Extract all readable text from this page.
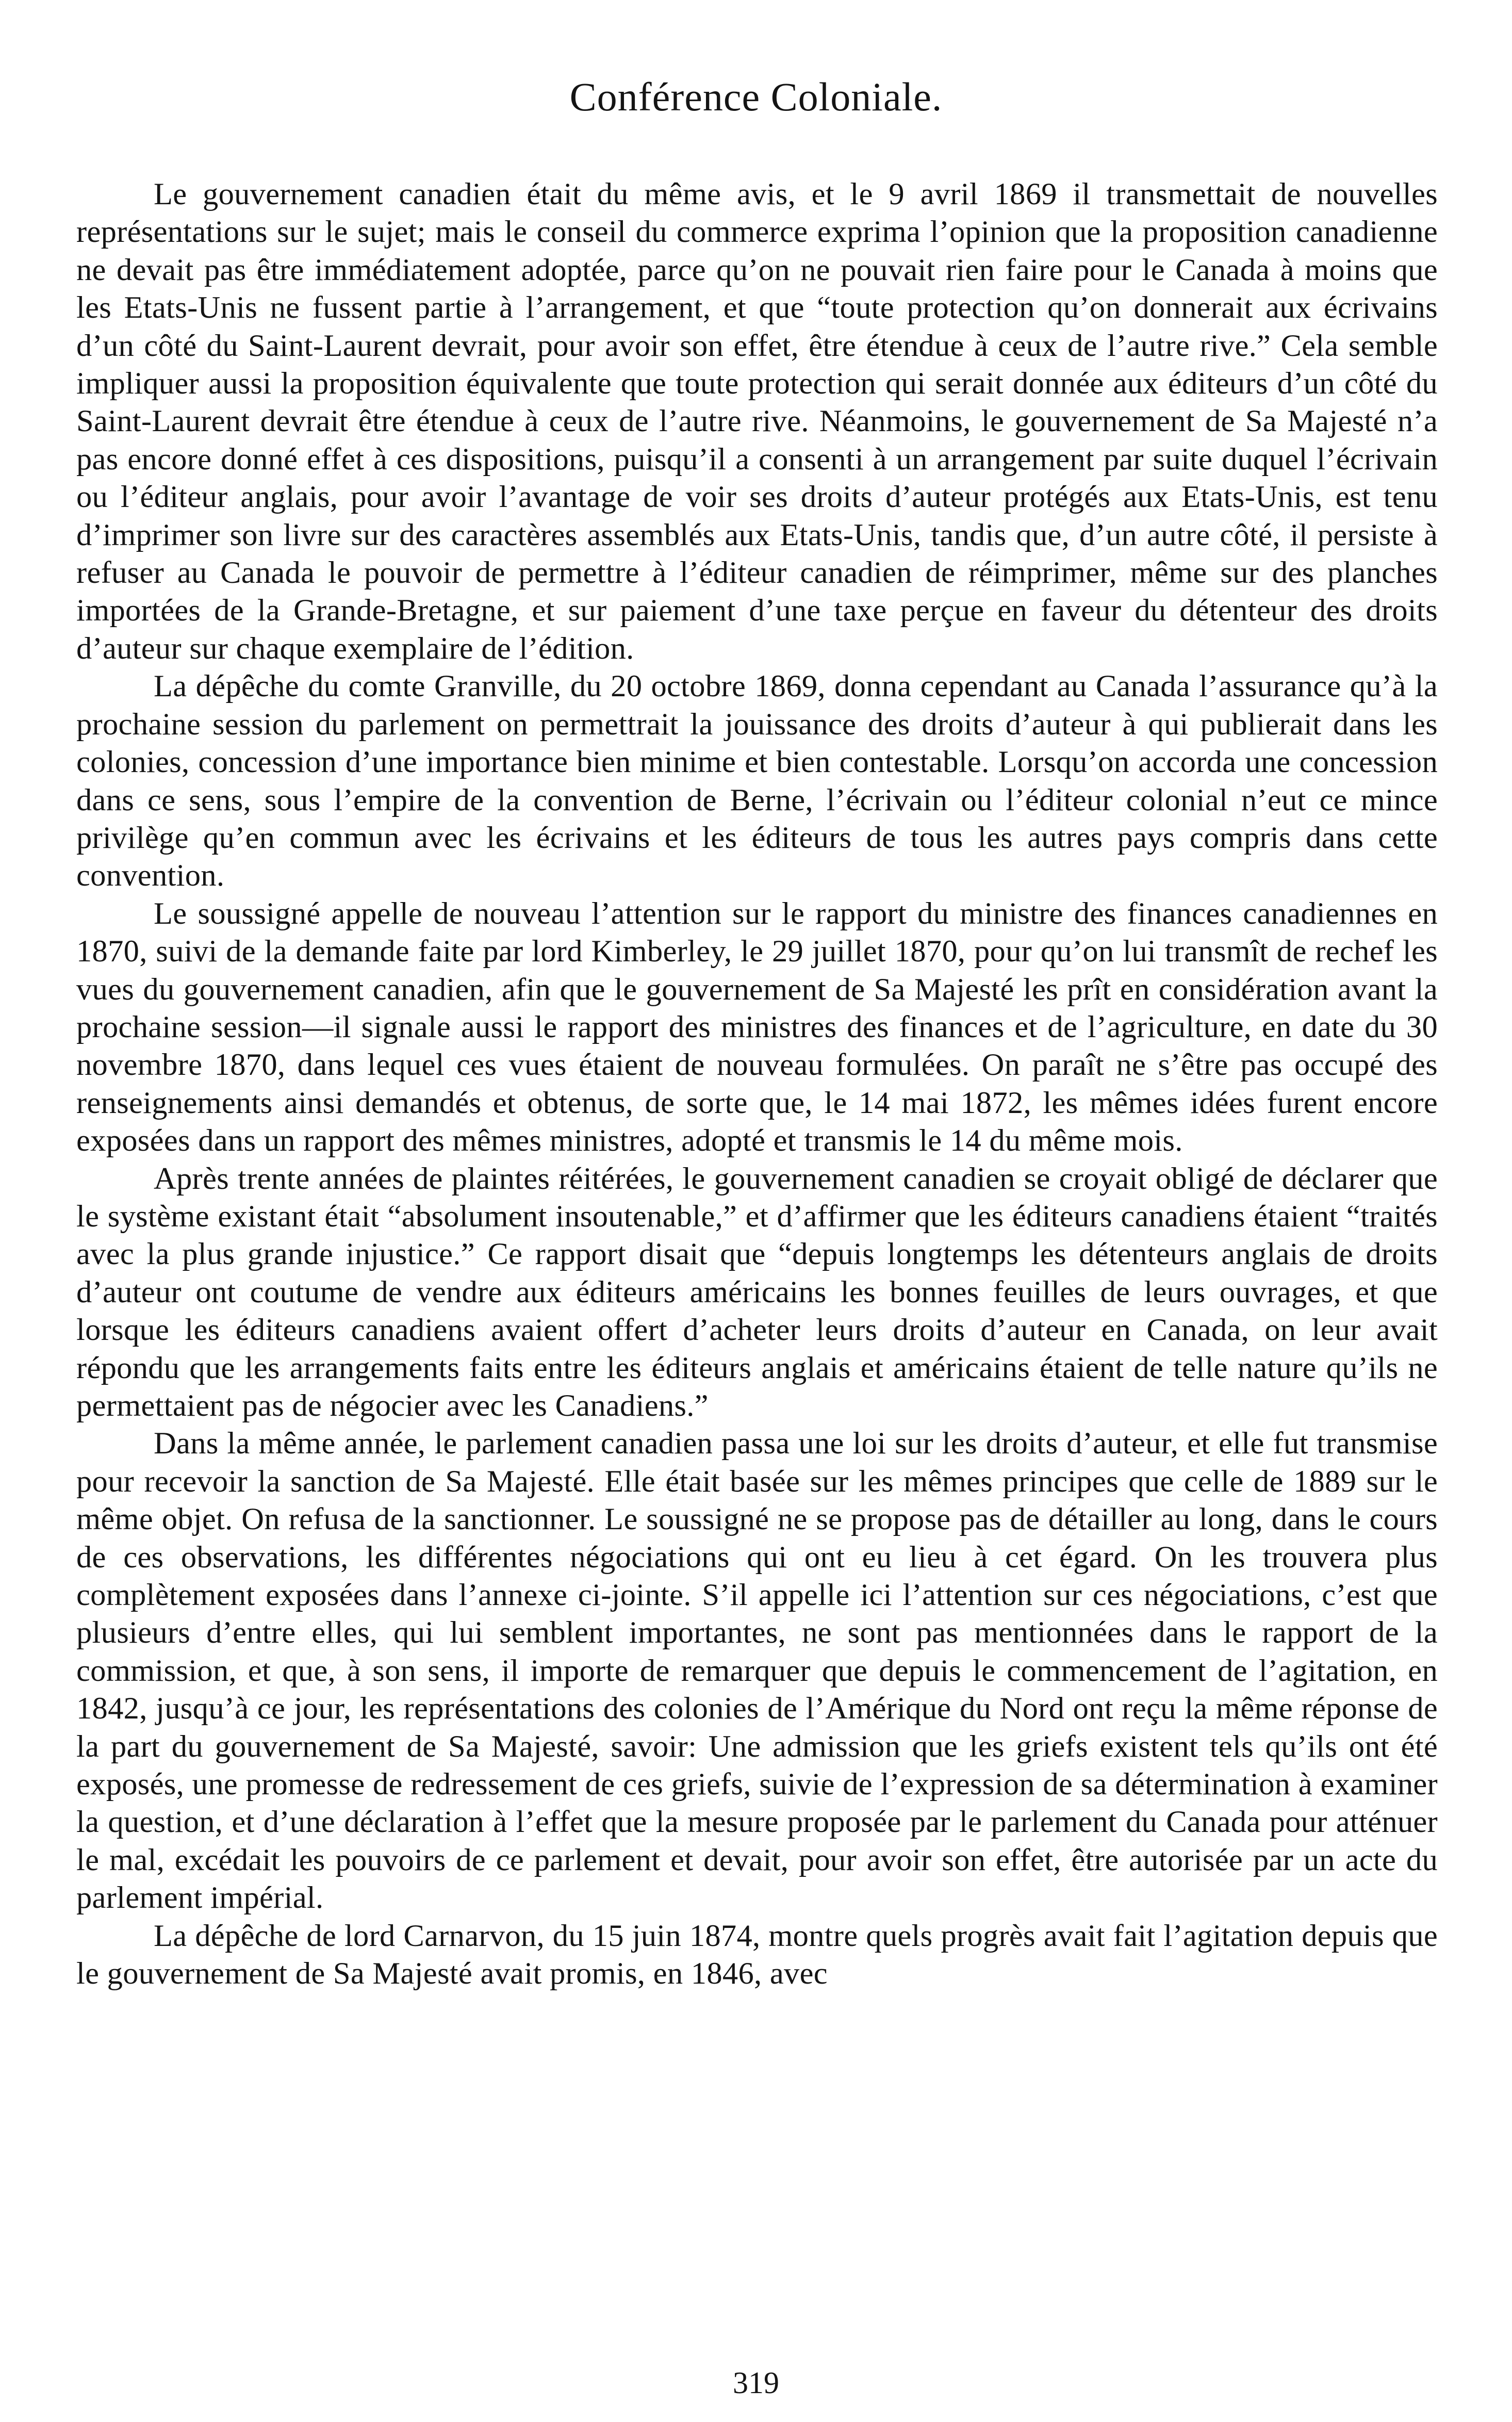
Conférence Coloniale.

Le gouvernement canadien était du même avis, et le 9 avril 1869 il transmettait de nouvelles représentations sur le sujet; mais le conseil du commerce exprima l’opinion que la proposition canadienne ne devait pas être immédiatement adoptée, parce qu’on ne pouvait rien faire pour le Canada à moins que les Etats-Unis ne fussent partie à l’arrangement, et que “toute protection qu’on donnerait aux écrivains d’un côté du Saint-Laurent devrait, pour avoir son effet, être étendue à ceux de l’autre rive.” Cela semble impliquer aussi la proposition équivalente que toute protection qui serait donnée aux éditeurs d’un côté du Saint-Laurent devrait être étendue à ceux de l’autre rive. Néanmoins, le gouvernement de Sa Majesté n’a pas encore donné effet à ces dispositions, puisqu’il a consenti à un arrangement par suite duquel l’écrivain ou l’éditeur anglais, pour avoir l’avantage de voir ses droits d’auteur protégés aux Etats-Unis, est tenu d’imprimer son livre sur des caractères assemblés aux Etats-Unis, tandis que, d’un autre côté, il persiste à refuser au Canada le pouvoir de permettre à l’éditeur canadien de réimprimer, même sur des planches importées de la Grande-Bretagne, et sur paiement d’une taxe perçue en faveur du détenteur des droits d’auteur sur chaque exemplaire de l’édition.

La dépêche du comte Granville, du 20 octobre 1869, donna cependant au Canada l’assurance qu’à la prochaine session du parlement on permettrait la jouissance des droits d’auteur à qui publierait dans les colonies, concession d’une importance bien minime et bien contestable. Lorsqu’on accorda une concession dans ce sens, sous l’empire de la convention de Berne, l’écrivain ou l’éditeur colonial n’eut ce mince privilège qu’en commun avec les écrivains et les éditeurs de tous les autres pays compris dans cette convention.

Le soussigné appelle de nouveau l’attention sur le rapport du ministre des finances canadiennes en 1870, suivi de la demande faite par lord Kimberley, le 29 juillet 1870, pour qu’on lui transmît de rechef les vues du gouvernement canadien, afin que le gouvernement de Sa Majesté les prît en considération avant la prochaine session—il signale aussi le rapport des ministres des finances et de l’agriculture, en date du 30 novembre 1870, dans lequel ces vues étaient de nouveau formulées. On paraît ne s’être pas occupé des renseignements ainsi demandés et obtenus, de sorte que, le 14 mai 1872, les mêmes idées furent encore exposées dans un rapport des mêmes ministres, adopté et transmis le 14 du même mois.

Après trente années de plaintes réitérées, le gouvernement canadien se croyait obligé de déclarer que le système existant était “absolument insoutenable,” et d’affirmer que les éditeurs canadiens étaient “traités avec la plus grande injustice.” Ce rapport disait que “depuis longtemps les détenteurs anglais de droits d’auteur ont coutume de vendre aux éditeurs américains les bonnes feuilles de leurs ouvrages, et que lorsque les éditeurs canadiens avaient offert d’acheter leurs droits d’auteur en Canada, on leur avait répondu que les arrangements faits entre les éditeurs anglais et américains étaient de telle nature qu’ils ne permettaient pas de négocier avec les Canadiens.”

Dans la même année, le parlement canadien passa une loi sur les droits d’auteur, et elle fut transmise pour recevoir la sanction de Sa Majesté. Elle était basée sur les mêmes principes que celle de 1889 sur le même objet. On refusa de la sanctionner. Le soussigné ne se propose pas de détailler au long, dans le cours de ces observations, les différentes négociations qui ont eu lieu à cet égard. On les trouvera plus complètement exposées dans l’annexe ci-jointe. S’il appelle ici l’attention sur ces négociations, c’est que plusieurs d’entre elles, qui lui semblent importantes, ne sont pas mentionnées dans le rapport de la commission, et que, à son sens, il importe de remarquer que depuis le commencement de l’agitation, en 1842, jusqu’à ce jour, les représentations des colonies de l’Amérique du Nord ont reçu la même réponse de la part du gouvernement de Sa Majesté, savoir: Une admission que les griefs existent tels qu’ils ont été exposés, une promesse de redressement de ces griefs, suivie de l’expression de sa détermination à examiner la question, et d’une déclaration à l’effet que la mesure proposée par le parlement du Canada pour atténuer le mal, excédait les pouvoirs de ce parlement et devait, pour avoir son effet, être autorisée par un acte du parlement impérial.

La dépêche de lord Carnarvon, du 15 juin 1874, montre quels progrès avait fait l’agitation depuis que le gouvernement de Sa Majesté avait promis, en 1846, avec

319
